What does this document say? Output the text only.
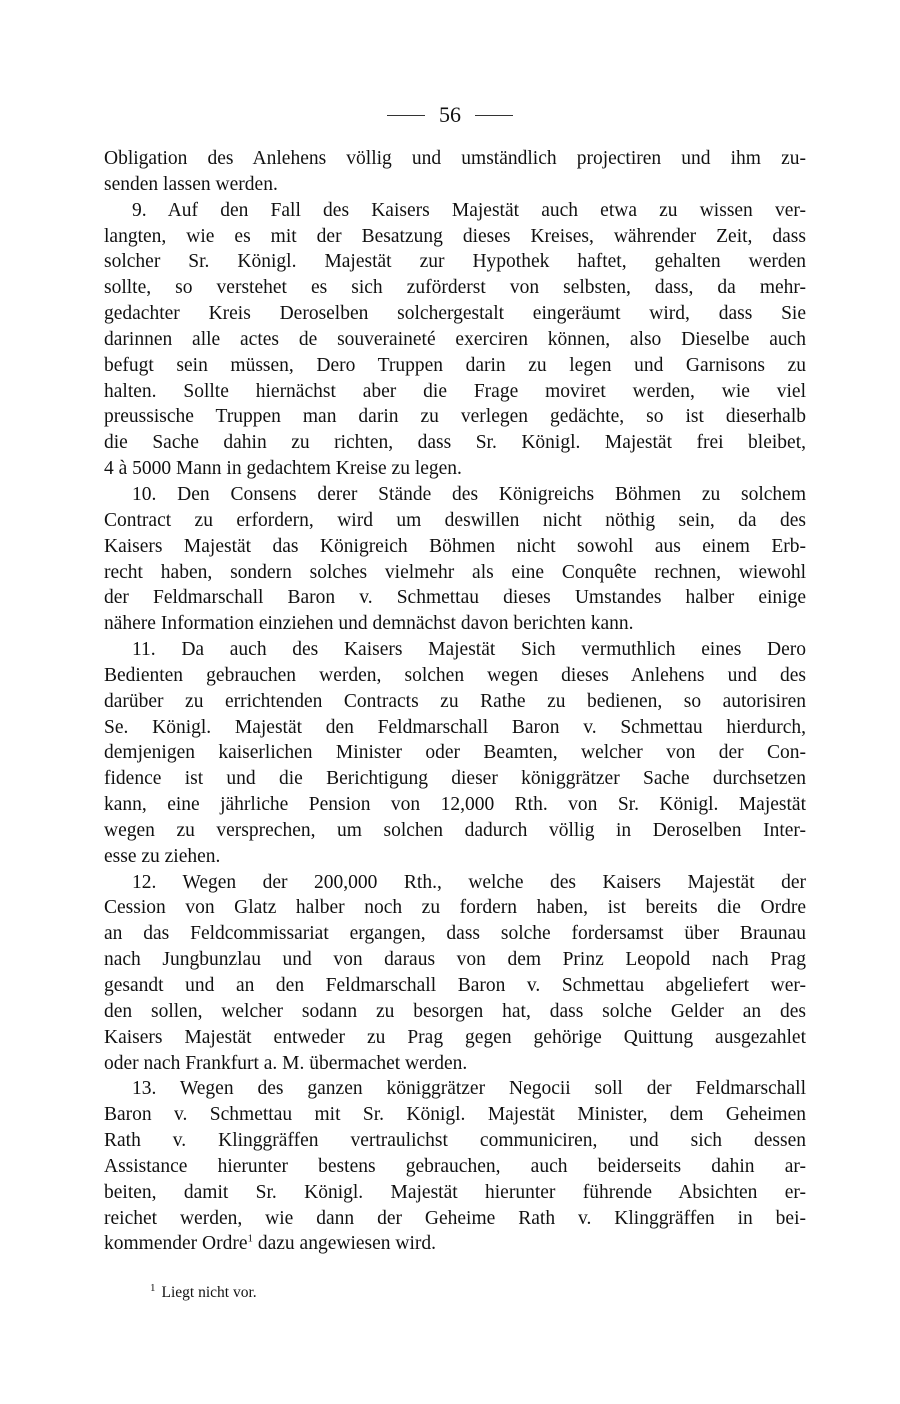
56
Obligation des Anlehens völlig und umständlich projectiren und ihm zu-
senden lassen werden.
9. Auf den Fall des Kaisers Majestät auch etwa zu wissen ver-
langten, wie es mit der Besatzung dieses Kreises, währender Zeit, dass
solcher Sr. Königl. Majestät zur Hypothek haftet, gehalten werden
sollte, so verstehet es sich zuförderst von selbsten, dass, da mehr-
gedachter Kreis Deroselben solchergestalt eingeräumt wird, dass Sie
darinnen alle actes de souveraineté exerciren können, also Dieselbe auch
befugt sein müssen, Dero Truppen darin zu legen und Garnisons zu
halten. Sollte hiernächst aber die Frage moviret werden, wie viel
preussische Truppen man darin zu verlegen gedächte, so ist dieserhalb
die Sache dahin zu richten, dass Sr. Königl. Majestät frei bleibet,
4 à 5000 Mann in gedachtem Kreise zu legen.
10. Den Consens derer Stände des Königreichs Böhmen zu solchem
Contract zu erfordern, wird um deswillen nicht nöthig sein, da des
Kaisers Majestät das Königreich Böhmen nicht sowohl aus einem Erb-
recht haben, sondern solches vielmehr als eine Conquête rechnen, wiewohl
der Feldmarschall Baron v. Schmettau dieses Umstandes halber einige
nähere Information einziehen und demnächst davon berichten kann.
11. Da auch des Kaisers Majestät Sich vermuthlich eines Dero
Bedienten gebrauchen werden, solchen wegen dieses Anlehens und des
darüber zu errichtenden Contracts zu Rathe zu bedienen, so autorisiren
Se. Königl. Majestät den Feldmarschall Baron v. Schmettau hierdurch,
demjenigen kaiserlichen Minister oder Beamten, welcher von der Con-
fidence ist und die Berichtigung dieser königgrätzer Sache durchsetzen
kann, eine jährliche Pension von 12,000 Rth. von Sr. Königl. Majestät
wegen zu versprechen, um solchen dadurch völlig in Deroselben Inter-
esse zu ziehen.
12. Wegen der 200,000 Rth., welche des Kaisers Majestät der
Cession von Glatz halber noch zu fordern haben, ist bereits die Ordre
an das Feldcommissariat ergangen, dass solche fordersamst über Braunau
nach Jungbunzlau und von daraus von dem Prinz Leopold nach Prag
gesandt und an den Feldmarschall Baron v. Schmettau abgeliefert wer-
den sollen, welcher sodann zu besorgen hat, dass solche Gelder an des
Kaisers Majestät entweder zu Prag gegen gehörige Quittung ausgezahlet
oder nach Frankfurt a. M. übermachet werden.
13. Wegen des ganzen königgrätzer Negocii soll der Feldmarschall
Baron v. Schmettau mit Sr. Königl. Majestät Minister, dem Geheimen
Rath v. Klinggräffen vertraulichst communiciren, und sich dessen
Assistance hierunter bestens gebrauchen, auch beiderseits dahin ar-
beiten, damit Sr. Königl. Majestät hierunter führende Absichten er-
reichet werden, wie dann der Geheime Rath v. Klinggräffen in bei-
kommender Ordre$^1$ dazu angewiesen wird.
$^1$ Liegt nicht vor.
